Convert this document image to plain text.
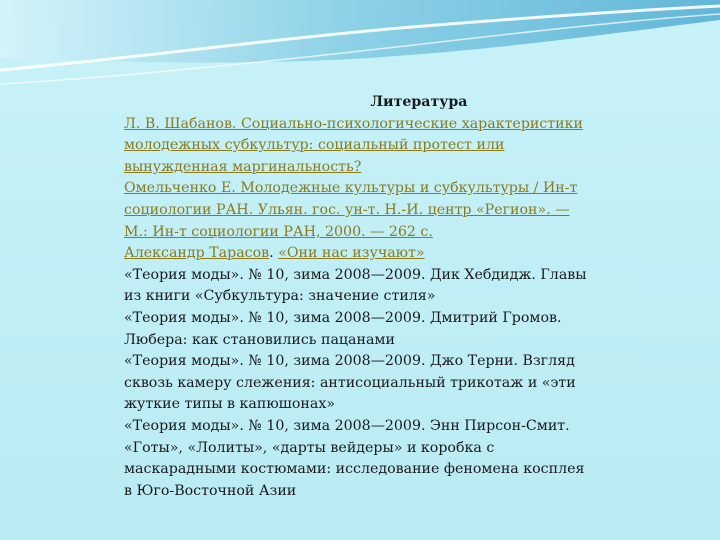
Литература
Л. В. Шабанов. Социально-психологические характеристики
молодежных субкультур: социальный протест или
вынужденная маргинальность?
Омельченко Е. Молодежные культуры и субкультуры / Ин-т
социологии РАН. Ульян. гос. ун-т. Н.-И. центр «Регион». —
М.: Ин-т социологии РАН, 2000. — 262 с.
Александр Тарасов. «Они нас изучают»
«Теория моды». № 10, зима 2008—2009. Дик Хебдидж. Главы
из книги «Субкультура: значение стиля»
«Теория моды». № 10, зима 2008—2009. Дмитрий Громов.
Люберa: как становились пацанами
«Теория моды». № 10, зима 2008—2009. Джо Терни. Взгляд
сквозь камеру слежения: антисоциальный трикотаж и «эти
жуткие типы в капюшонах»
«Теория моды». № 10, зима 2008—2009. Энн Пирсон-Смит.
«Готы», «Лолиты», «дарты вейдеры» и коробка с
маскарадными костюмами: исследование феномена косплея
в Юго-Восточной Азии
